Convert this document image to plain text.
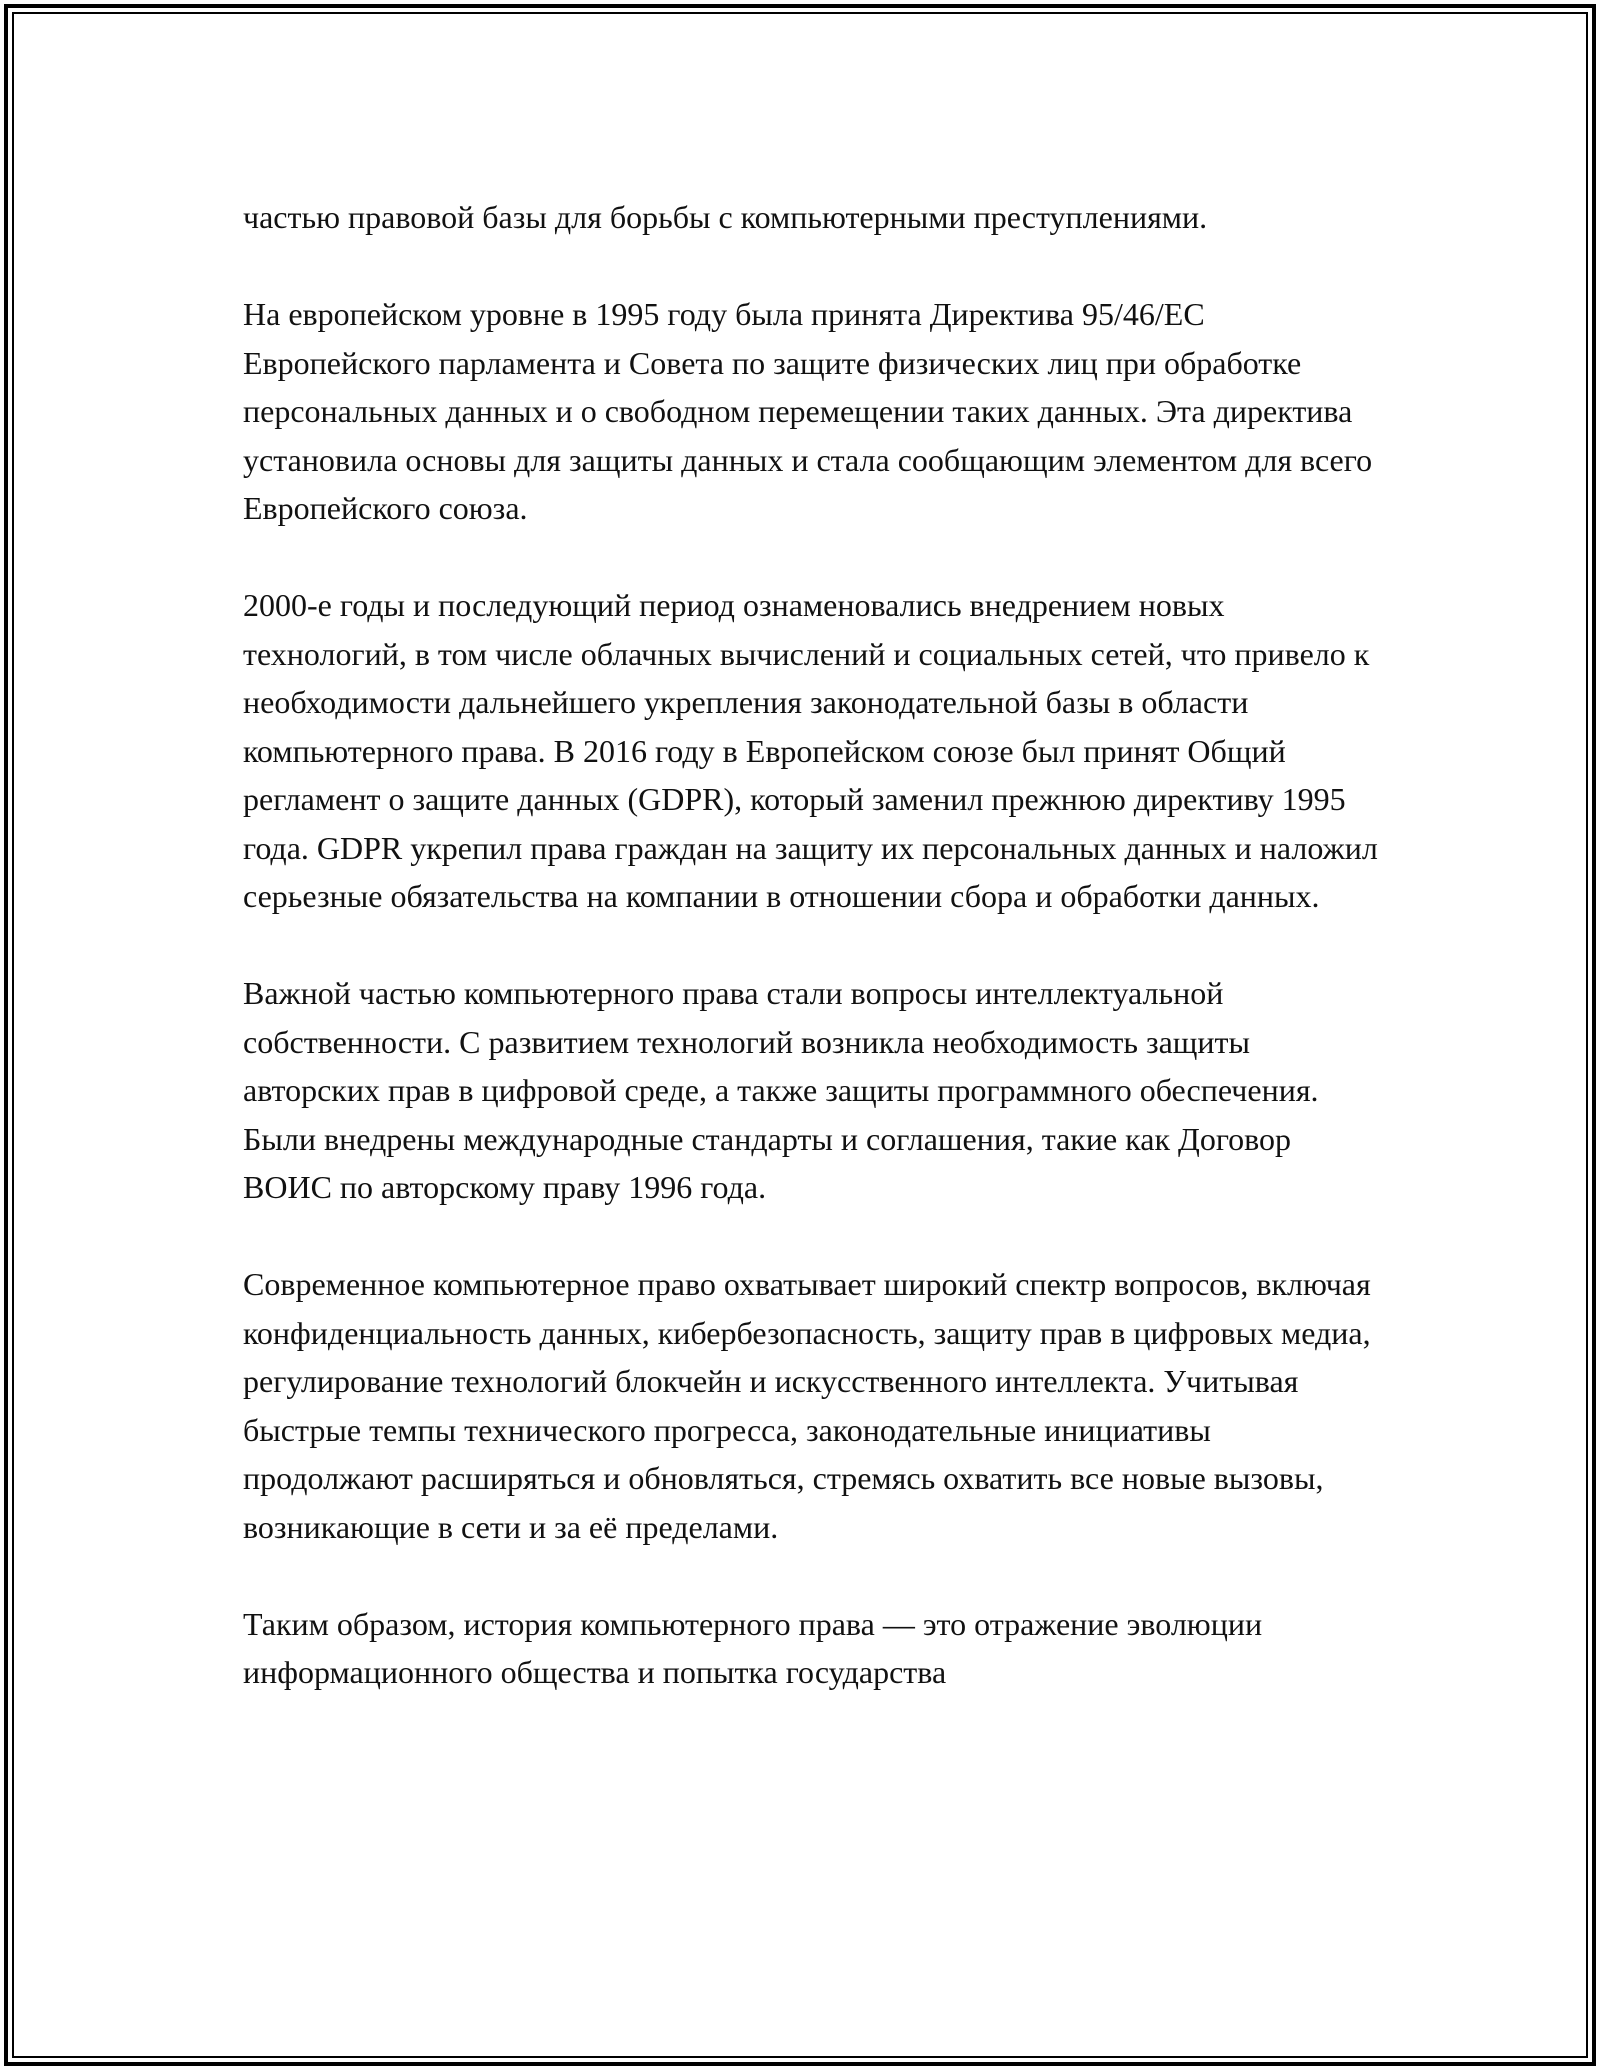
частью правовой базы для борьбы с компьютерными преступлениями.

На европейском уровне в 1995 году была принята Директива 95/46/ЕС Европейского парламента и Совета по защите физических лиц при обработке персональных данных и о свободном перемещении таких данных. Эта директива установила основы для защиты данных и стала сообщающим элементом для всего Европейского союза.

2000-е годы и последующий период ознаменовались внедрением новых технологий, в том числе облачных вычислений и социальных сетей, что привело к необходимости дальнейшего укрепления законодательной базы в области компьютерного права. В 2016 году в Европейском союзе был принят Общий регламент о защите данных (GDPR), который заменил прежнюю директиву 1995 года. GDPR укрепил права граждан на защиту их персональных данных и наложил серьезные обязательства на компании в отношении сбора и обработки данных.

Важной частью компьютерного права стали вопросы интеллектуальной собственности. С развитием технологий возникла необходимость защиты авторских прав в цифровой среде, а также защиты программного обеспечения. Были внедрены международные стандарты и соглашения, такие как Договор ВОИС по авторскому праву 1996 года.

Современное компьютерное право охватывает широкий спектр вопросов, включая конфиденциальность данных, кибербезопасность, защиту прав в цифровых медиа, регулирование технологий блокчейн и искусственного интеллекта. Учитывая быстрые темпы технического прогресса, законодательные инициативы продолжают расширяться и обновляться, стремясь охватить все новые вызовы, возникающие в сети и за её пределами.

Таким образом, история компьютерного права — это отражение эволюции информационного общества и попытка государства
